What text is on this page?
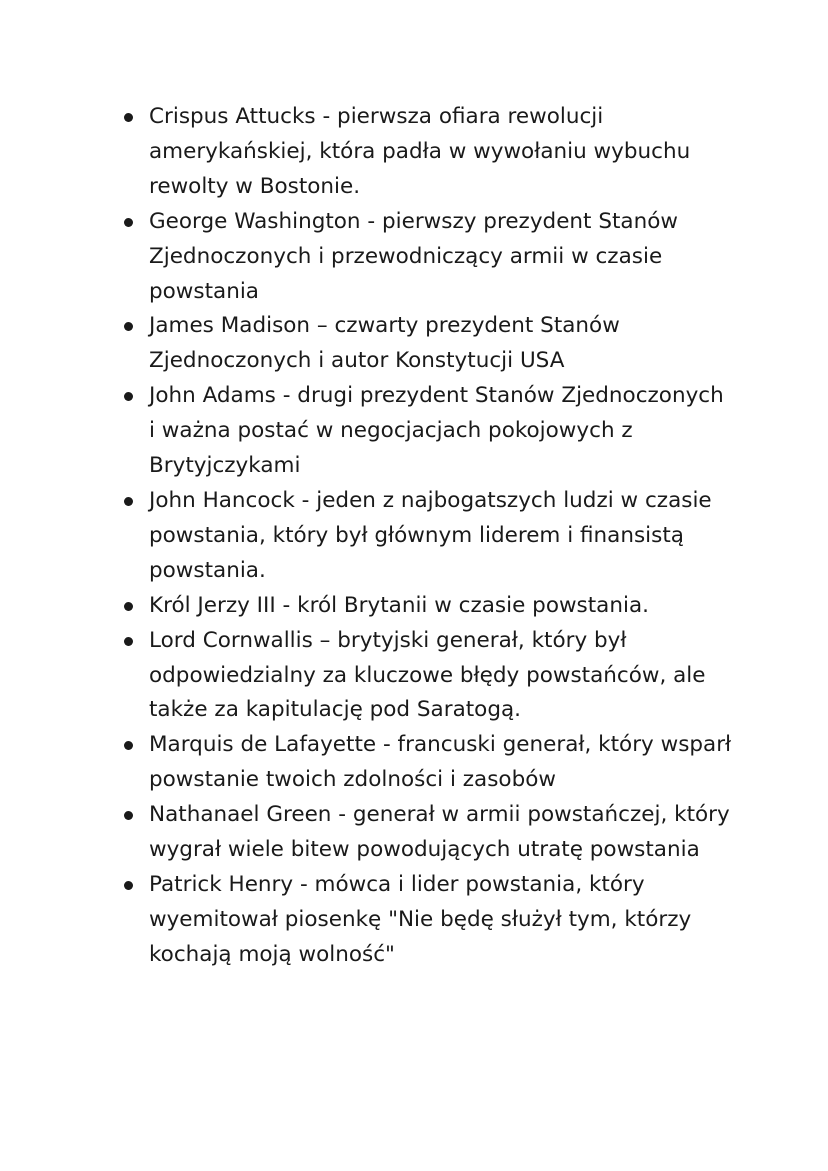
Crispus Attucks - pierwsza ofiara rewolucji amerykańskiej, która padła w wywołaniu wybuchu rewolty w Bostonie.
George Washington - pierwszy prezydent Stanów Zjednoczonych i przewodniczący armii w czasie powstania
James Madison – czwarty prezydent Stanów Zjednoczonych i autor Konstytucji USA
John Adams - drugi prezydent Stanów Zjednoczonych i ważna postać w negocjacjach pokojowych z Brytyjczykami
John Hancock - jeden z najbogatszych ludzi w czasie powstania, który był głównym liderem i finansistą powstania.
Król Jerzy III - król Brytanii w czasie powstania.
Lord Cornwallis – brytyjski generał, który był odpowiedzialny za kluczowe błędy powstańców, ale także za kapitulację pod Saratogą.
Marquis de Lafayette - francuski generał, który wsparł powstanie twoich zdolności i zasobów
Nathanael Green - generał w armii powstańczej, który wygrał wiele bitew powodujących utratę powstania
Patrick Henry - mówca i lider powstania, który wyemitował piosenkę "Nie będę służył tym, którzy kochają moją wolność"
